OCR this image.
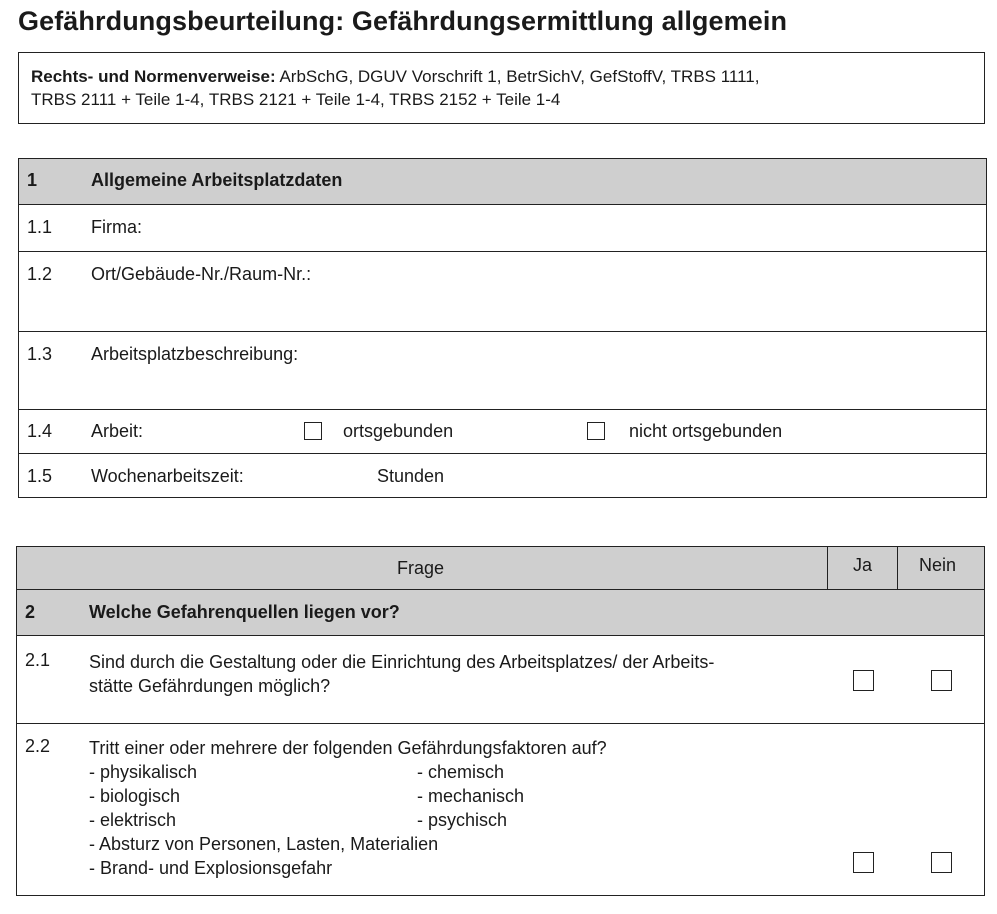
Gefährdungsbeurteilung: Gefährdungsermittlung allgemein
Rechts- und Normenverweise: ArbSchG, DGUV Vorschrift 1, BetrSichV, GefStoffV, TRBS 1111,
TRBS 2111 + Teile 1-4, TRBS 2121 + Teile 1-4, TRBS 2152 + Teile 1-4
1	Allgemeine Arbeitsplatzdaten
1.1 Firma:
1.2 Ort/Gebäude-Nr./Raum-Nr.:
1.3 Arbeitsplatzbeschreibung:
1.4 Arbeit:	ortsgebunden	nicht ortsgebunden
1.5 Wochenarbeitszeit:	Stunden
Frage	Ja	Nein
2	Welche Gefahrenquellen liegen vor?
2.1 Sind durch die Gestaltung oder die Einrichtung des Arbeitsplatzes/ der Arbeits-
stätte Gefährdungen möglich?
2.2 Tritt einer oder mehrere der folgenden Gefährdungsfaktoren auf?
- physikalisch
- biologisch
- elektrisch
- Absturz von Personen, Lasten, Materialien
- Brand- und Explosionsgefahr
- chemisch
- mechanisch
- psychisch
